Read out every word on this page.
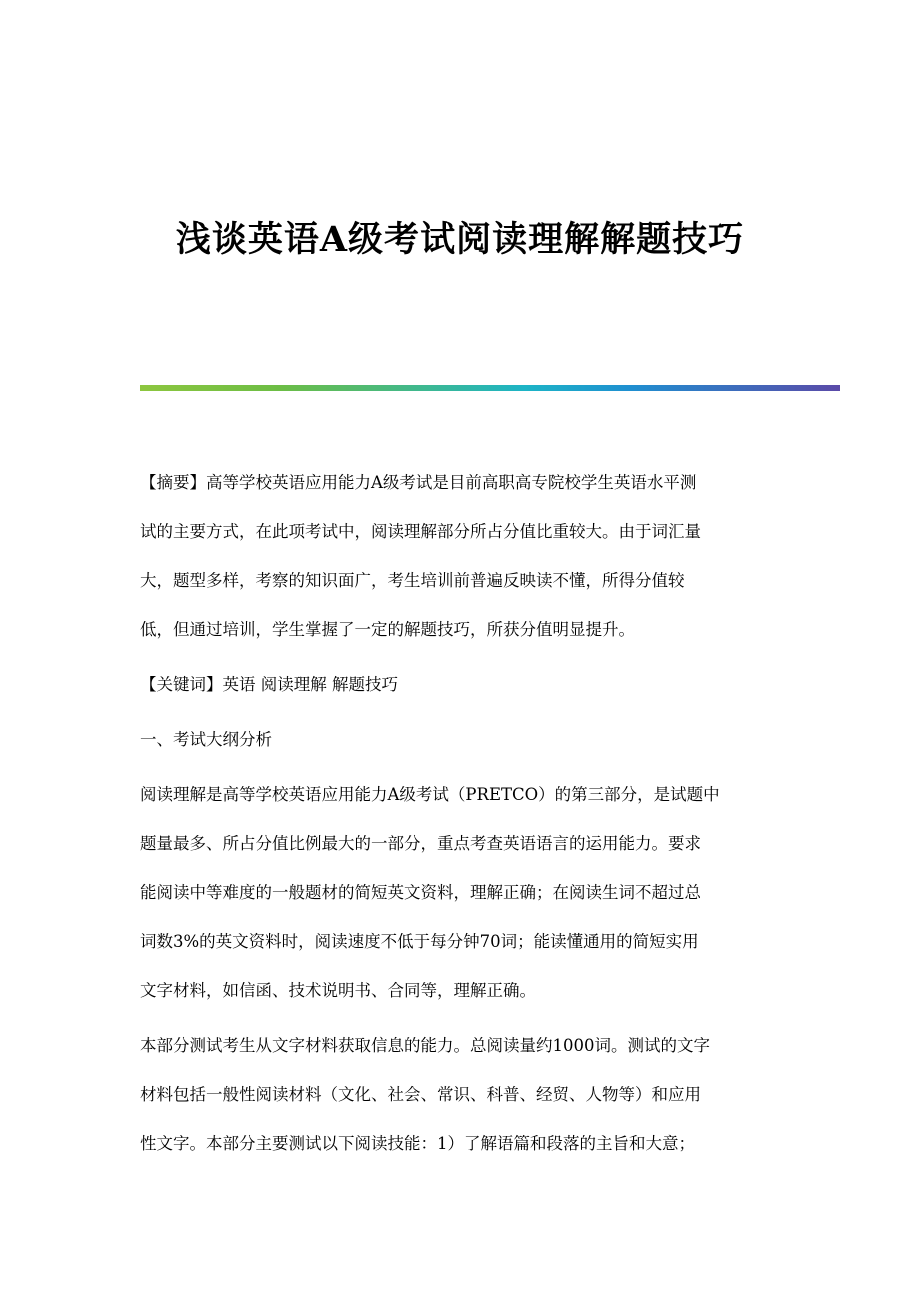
浅谈英语A级考试阅读理解解题技巧
【摘要】高等学校英语应用能力A级考试是目前高职高专院校学生英语水平测
试的主要方式，在此项考试中，阅读理解部分所占分值比重较大。由于词汇量
大，题型多样，考察的知识面广，考生培训前普遍反映读不懂，所得分值较
低，但通过培训，学生掌握了一定的解题技巧，所获分值明显提升。
【关键词】英语 阅读理解 解题技巧
一、考试大纲分析
阅读理解是高等学校英语应用能力A级考试（PRETCO）的第三部分，是试题中
题量最多、所占分值比例最大的一部分，重点考查英语语言的运用能力。要求
能阅读中等难度的一般题材的简短英文资料，理解正确；在阅读生词不超过总
词数3%的英文资料时，阅读速度不低于每分钟70词；能读懂通用的简短实用
文字材料，如信函、技术说明书、合同等，理解正确。
本部分测试考生从文字材料获取信息的能力。总阅读量约1000词。测试的文字
材料包括一般性阅读材料（文化、社会、常识、科普、经贸、人物等）和应用
性文字。本部分主要测试以下阅读技能：1）了解语篇和段落的主旨和大意；
